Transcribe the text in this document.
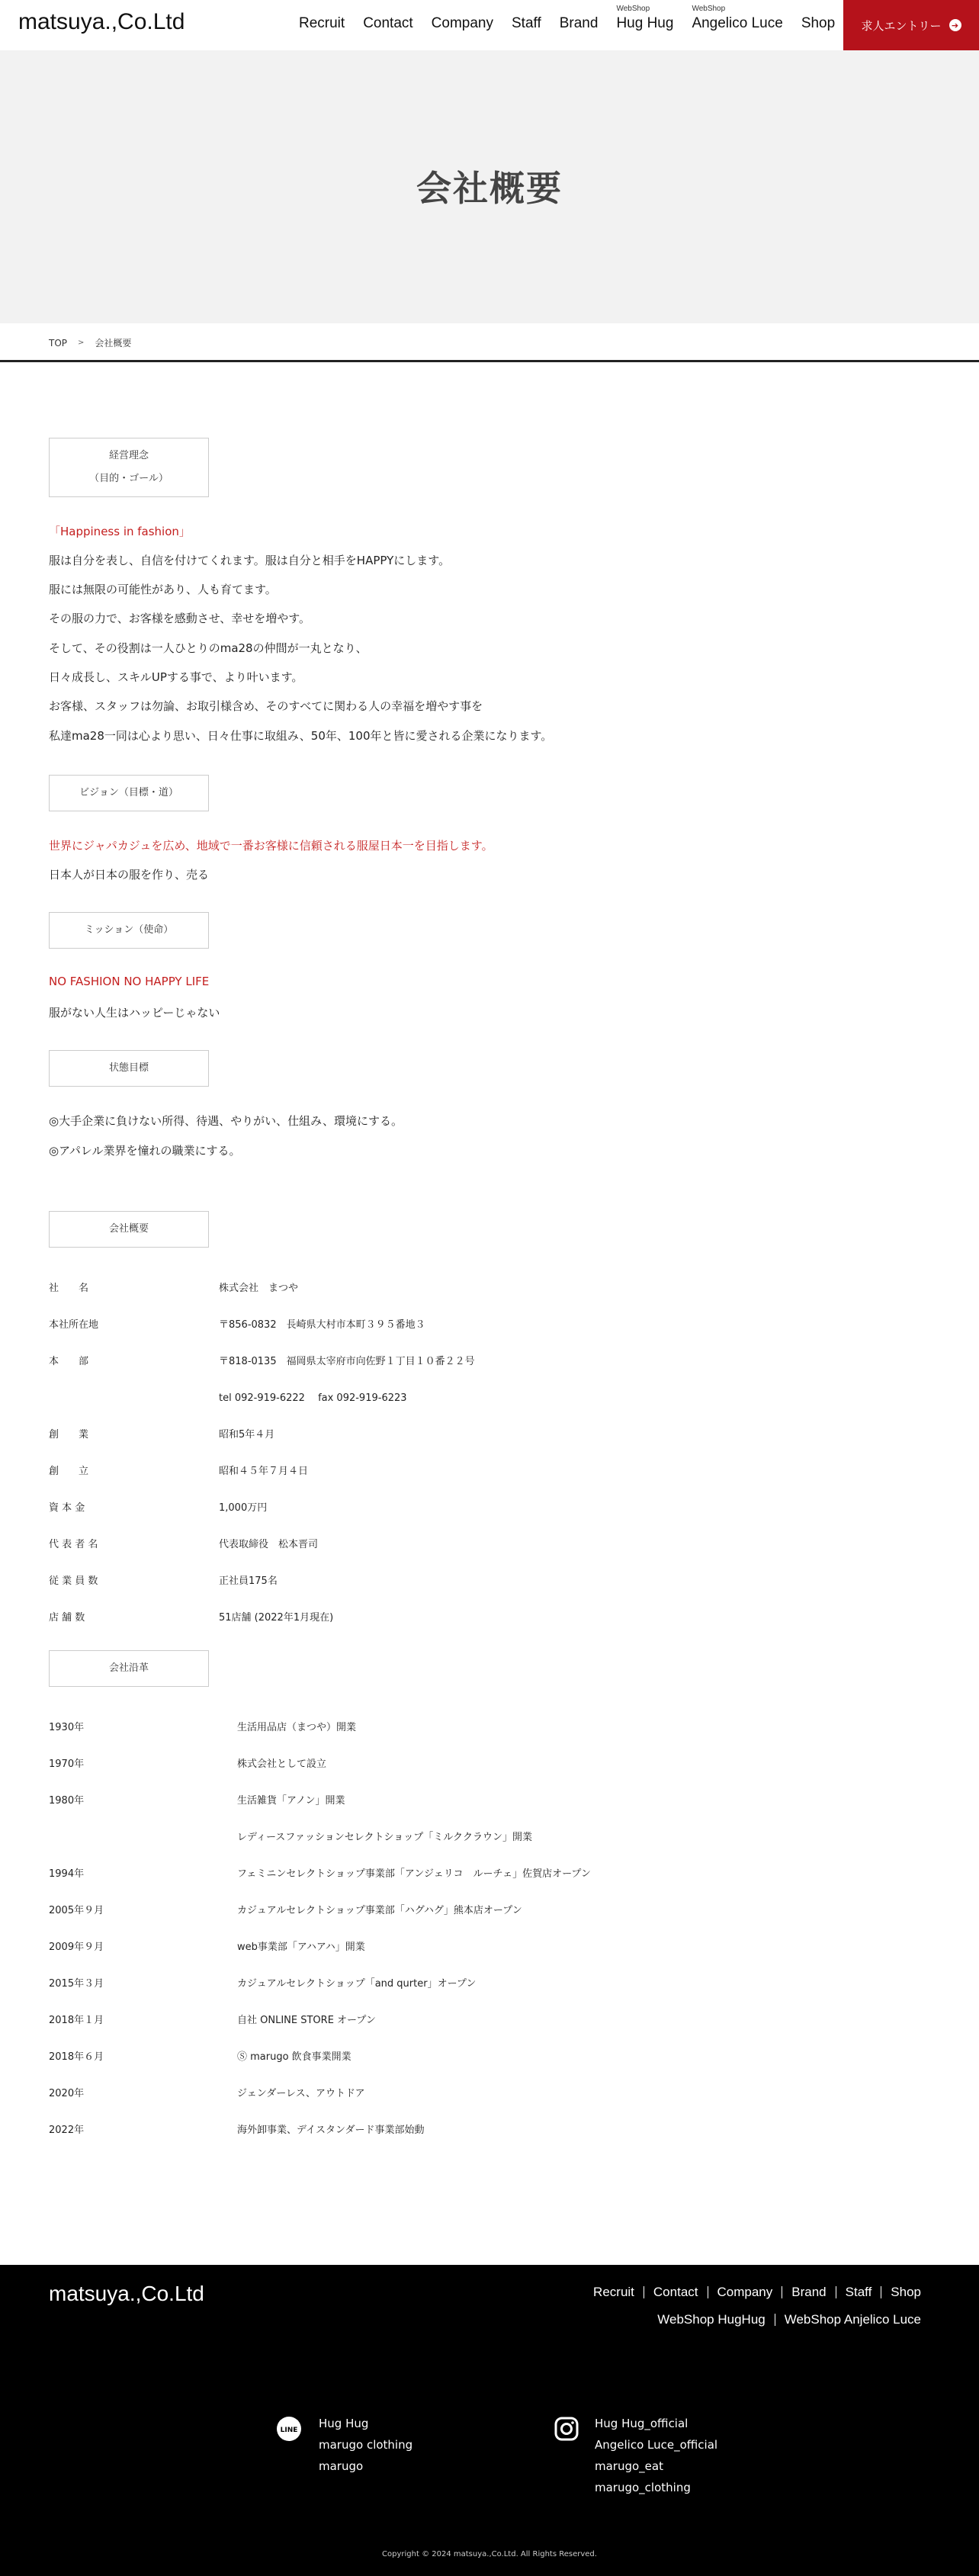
matsuya.,Co.Ltd	Recruit Contact Company Staff Brand
WebShop
Hug Hug
WebShop
Angelico Luce Shop 求人エントリー	➔
会社概要
TOP > 会社概要
経営理念
（目的・ゴール）
「Happiness in fashion」
服は自分を表し、自信を付けてくれます。服は自分と相手をHAPPYにします。
服には無限の可能性があり、人も育てます。
その服の力で、お客様を感動させ、幸せを増やす。
そして、その役割は一人ひとりのma28の仲間が一丸となり、
日々成長し、スキルUPする事で、より叶います。
お客様、スタッフは勿論、お取引様含め、そのすべてに関わる人の幸福を増やす事を
私達ma28一同は心より思い、日々仕事に取組み、50年、100年と皆に愛される企業になります。
ビジョン（目標・道）
世界にジャパカジュを広め、地域で一番お客様に信頼される服屋日本一を目指します。
日本人が日本の服を作り、売る
ミッション（使命）
NO FASHION NO HAPPY LIFE
服がない人生はハッピーじゃない
状態目標
◎大手企業に負けない所得、待遇、やりがい、仕組み、環境にする。
◎アパレル業界を憧れの職業にする。
会社概要
社　　名	株式会社　まつや
本社所在地	〒856-0832　長崎県大村市本町３９５番地３
本　　部	〒818-0135　福岡県太宰府市向佐野１丁目１０番２２号
tel 092-919-6222　 fax 092-919-6223
創　　業	昭和5年４月
創　　立	昭和４５年７月４日
資 本 金	1,000万円
代 表 者 名	代表取締役　松本晋司
従 業 員 数	正社員175名
店 舗 数	51店舗 (2022年1月現在)
会社沿革
1930年	生活用品店（まつや）開業
1970年	株式会社として設立
1980年	生活雑貨「アノン」開業
レディースファッションセレクトショップ「ミルククラウン」開業
1994年	フェミニンセレクトショップ事業部「アンジェリコ　ルーチェ」佐賀店オープン
2005年９月	カジュアルセレクトショップ事業部「ハグハグ」熊本店オープン
2009年９月	web事業部「アハアハ」開業
2015年３月	カジュアルセレクトショップ「and qurter」オープン
2018年１月	自社 ONLINE STORE オープン
2018年６月	Ⓢ marugo 飲食事業開業
2020年	ジェンダーレス、アウトドア
2022年	海外卸事業、デイスタンダード事業部始動
matsuya.,Co.Ltd	Recruit	Contact	Company	Brand	Staff	Shop
WebShop HugHug	WebShop Anjelico Luce
LINE Hug Hug
marugo clothing
marugo
Hug Hug_official
Angelico Luce_official
marugo_eat
marugo_clothing
Copyright © 2024 matsuya.,Co.Ltd. All Rights Reserved.
